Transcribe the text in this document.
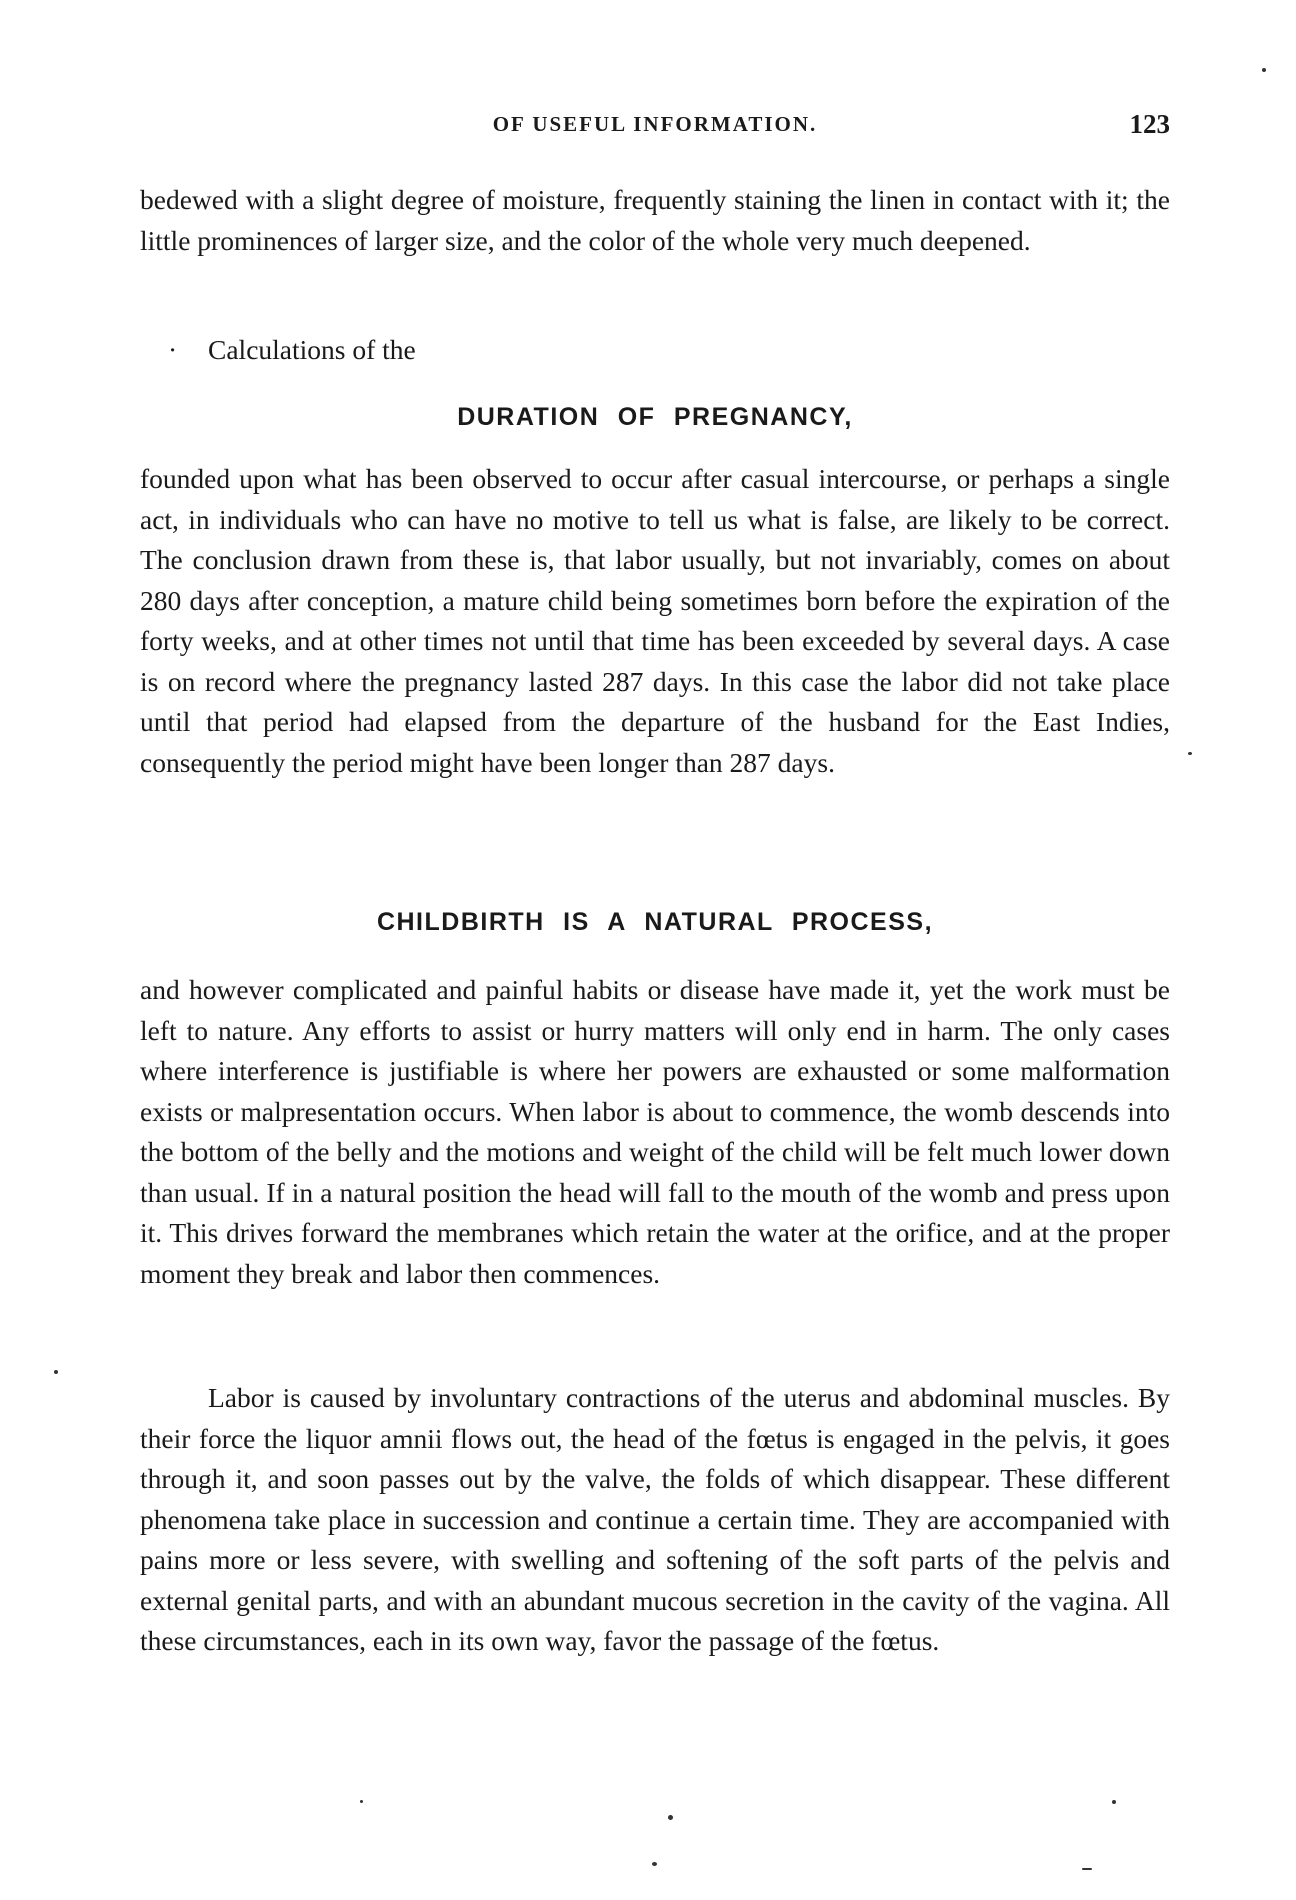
OF USEFUL INFORMATION.	123

bedewed with a slight degree of moisture, frequently staining the linen in contact with it; the little prominences of larger size, and the color of the whole very much deepened.

· Calculations of the
DURATION OF PREGNANCY,

founded upon what has been observed to occur after casual intercourse, or perhaps a single act, in individuals who can have no motive to tell us what is false, are likely to be correct. The conclusion drawn from these is, that labor usually, but not invariably, comes on about 280 days after conception, a mature child being sometimes born before the expiration of the forty weeks, and at other times not until that time has been exceeded by several days. A case is on record where the pregnancy lasted 287 days. In this case the labor did not take place until that period had elapsed from the departure of the husband for the East Indies, consequently the period might have been longer than 287 days.

CHILDBIRTH IS A NATURAL PROCESS,

and however complicated and painful habits or disease have made it, yet the work must be left to nature. Any efforts to assist or hurry matters will only end in harm. The only cases where interference is justifiable is where her powers are exhausted or some malformation exists or malpresentation occurs. When labor is about to commence, the womb descends into the bottom of the belly and the motions and weight of the child will be felt much lower down than usual. If in a natural position the head will fall to the mouth of the womb and press upon it. This drives forward the membranes which retain the water at the orifice, and at the proper moment they break and labor then commences.

Labor is caused by involuntary contractions of the uterus and abdominal muscles. By their force the liquor amnii flows out, the head of the fœtus is engaged in the pelvis, it goes through it, and soon passes out by the valve, the folds of which disappear. These different phenomena take place in succession and continue a certain time. They are accompanied with pains more or less severe, with swelling and softening of the soft parts of the pelvis and external genital parts, and with an abundant mucous secretion in the cavity of the vagina. All these circumstances, each in its own way, favor the passage of the fœtus.
